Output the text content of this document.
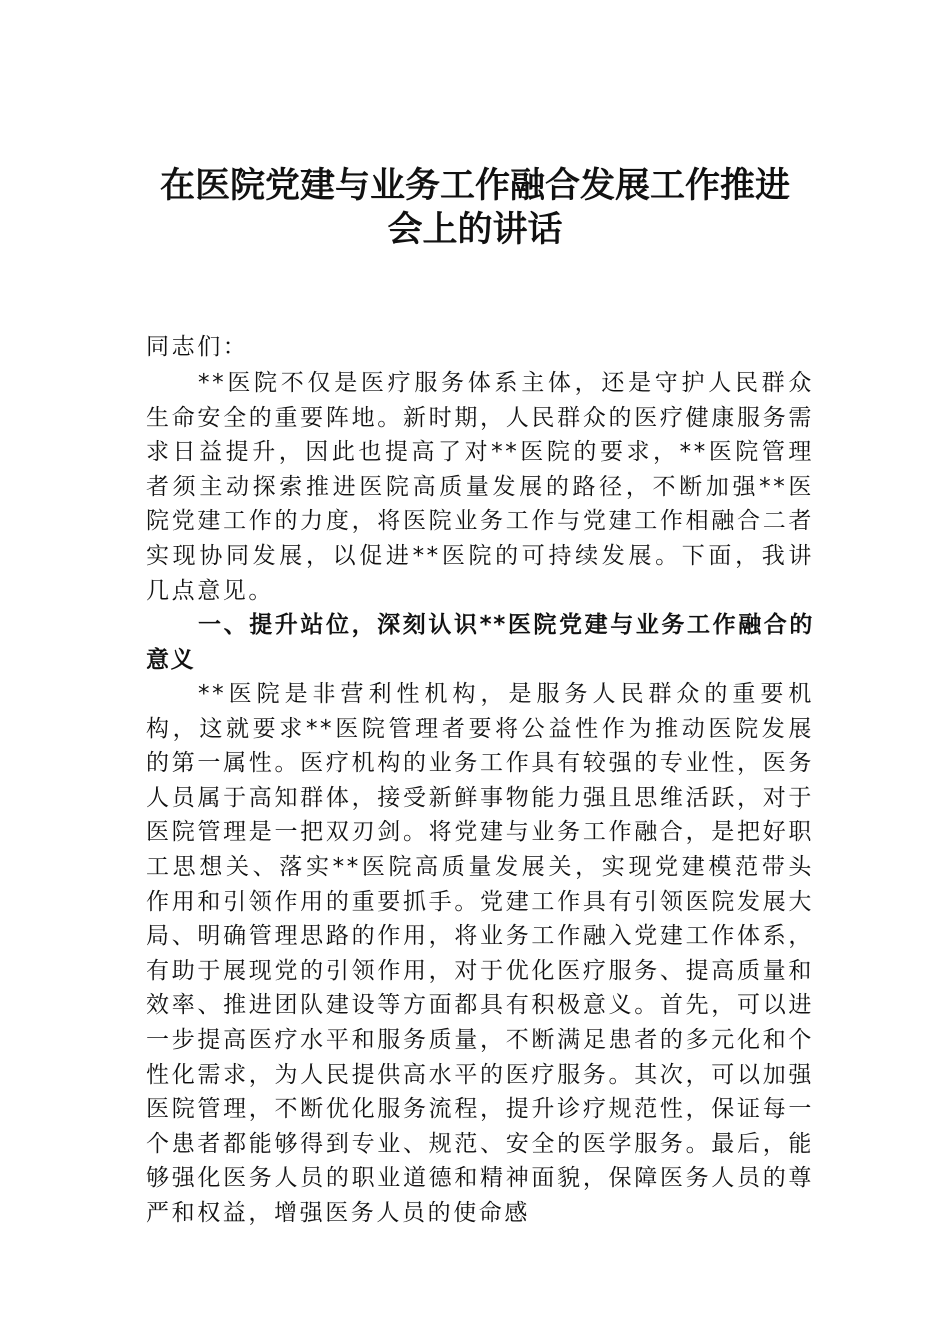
在医院党建与业务工作融合发展工作推进
会上的讲话

同志们：

**医院不仅是医疗服务体系主体，还是守护人民群众生命安全的重要阵地。新时期，人民群众的医疗健康服务需求日益提升，因此也提高了对**医院的要求，**医院管理者须主动探索推进医院高质量发展的路径，不断加强**医院党建工作的力度，将医院业务工作与党建工作相融合二者实现协同发展，以促进**医院的可持续发展。下面，我讲几点意见。

一、提升站位，深刻认识**医院党建与业务工作融合的意义

**医院是非营利性机构，是服务人民群众的重要机构，这就要求**医院管理者要将公益性作为推动医院发展的第一属性。医疗机构的业务工作具有较强的专业性，医务人员属于高知群体，接受新鲜事物能力强且思维活跃，对于医院管理是一把双刃剑。将党建与业务工作融合，是把好职工思想关、落实**医院高质量发展关，实现党建模范带头作用和引领作用的重要抓手。党建工作具有引领医院发展大局、明确管理思路的作用，将业务工作融入党建工作体系，有助于展现党的引领作用，对于优化医疗服务、提高质量和效率、推进团队建设等方面都具有积极意义。首先，可以进一步提高医疗水平和服务质量，不断满足患者的多元化和个性化需求，为人民提供高水平的医疗服务。其次，可以加强医院管理，不断优化服务流程，提升诊疗规范性，保证每一个患者都能够得到专业、规范、安全的医学服务。最后，能够强化医务人员的职业道德和精神面貌，保障医务人员的尊严和权益，增强医务人员的使命感
